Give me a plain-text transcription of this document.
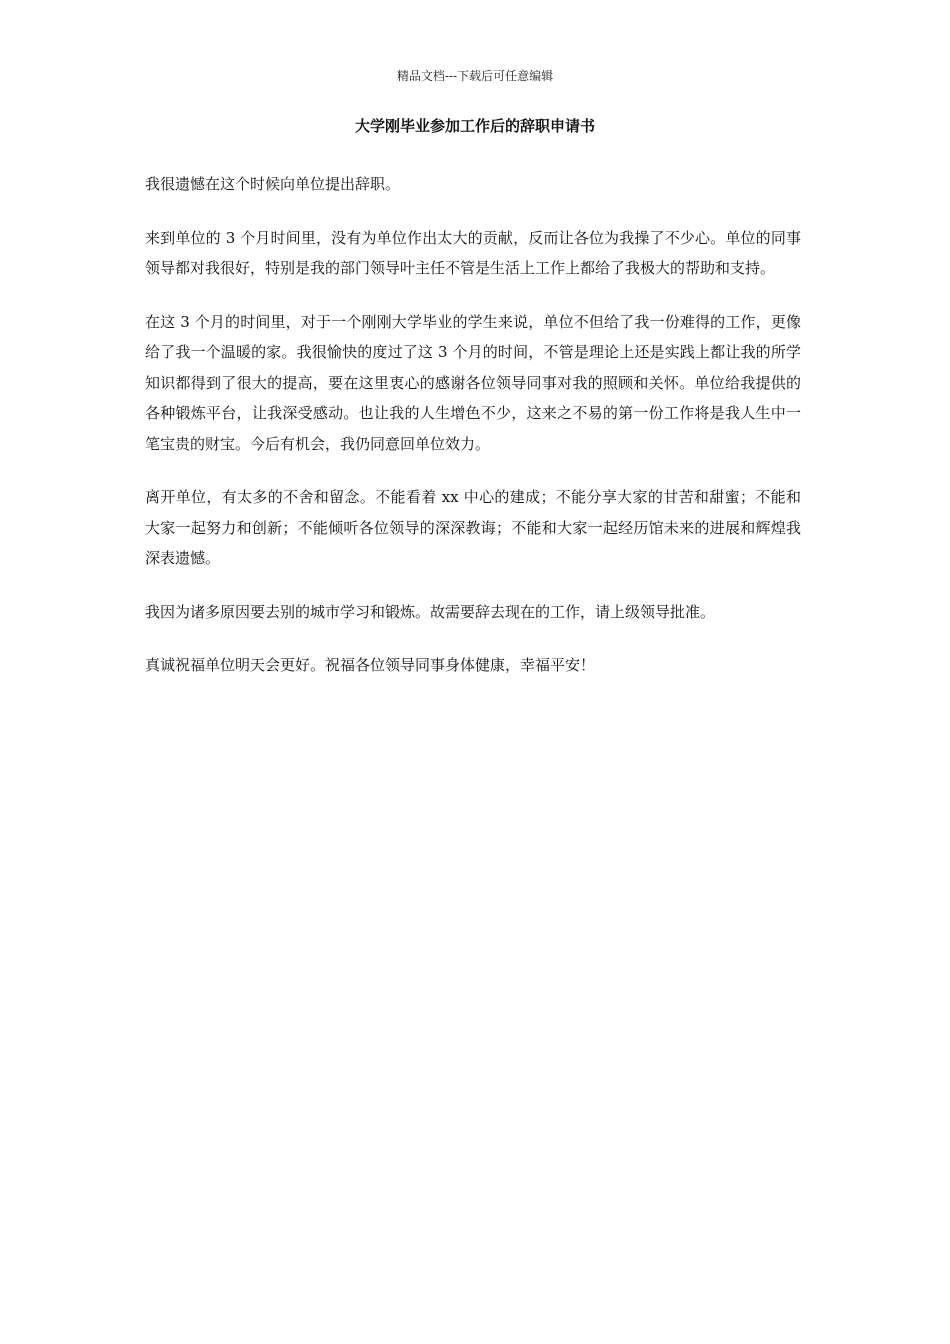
精品文档---下载后可任意编辑
大学刚毕业参加工作后的辞职申请书

我很遗憾在这个时候向单位提出辞职。

来到单位的 3 个月时间里，没有为单位作出太大的贡献，反而让各位为我操了不少心。单位的同事领导都对我很好，特别是我的部门领导叶主任不管是生活上工作上都给了我极大的帮助和支持。

在这 3 个月的时间里，对于一个刚刚大学毕业的学生来说，单位不但给了我一份难得的工作，更像给了我一个温暖的家。我很愉快的度过了这 3 个月的时间，不管是理论上还是实践上都让我的所学知识都得到了很大的提高，要在这里衷心的感谢各位领导同事对我的照顾和关怀。单位给我提供的各种锻炼平台，让我深受感动。也让我的人生增色不少，这来之不易的第一份工作将是我人生中一笔宝贵的财宝。今后有机会，我仍同意回单位效力。

离开单位，有太多的不舍和留念。不能看着 xx 中心的建成；不能分享大家的甘苦和甜蜜；不能和大家一起努力和创新；不能倾听各位领导的深深教诲；不能和大家一起经历馆未来的进展和辉煌我深表遗憾。

我因为诸多原因要去别的城市学习和锻炼。故需要辞去现在的工作，请上级领导批准。

真诚祝福单位明天会更好。祝福各位领导同事身体健康，幸福平安！
